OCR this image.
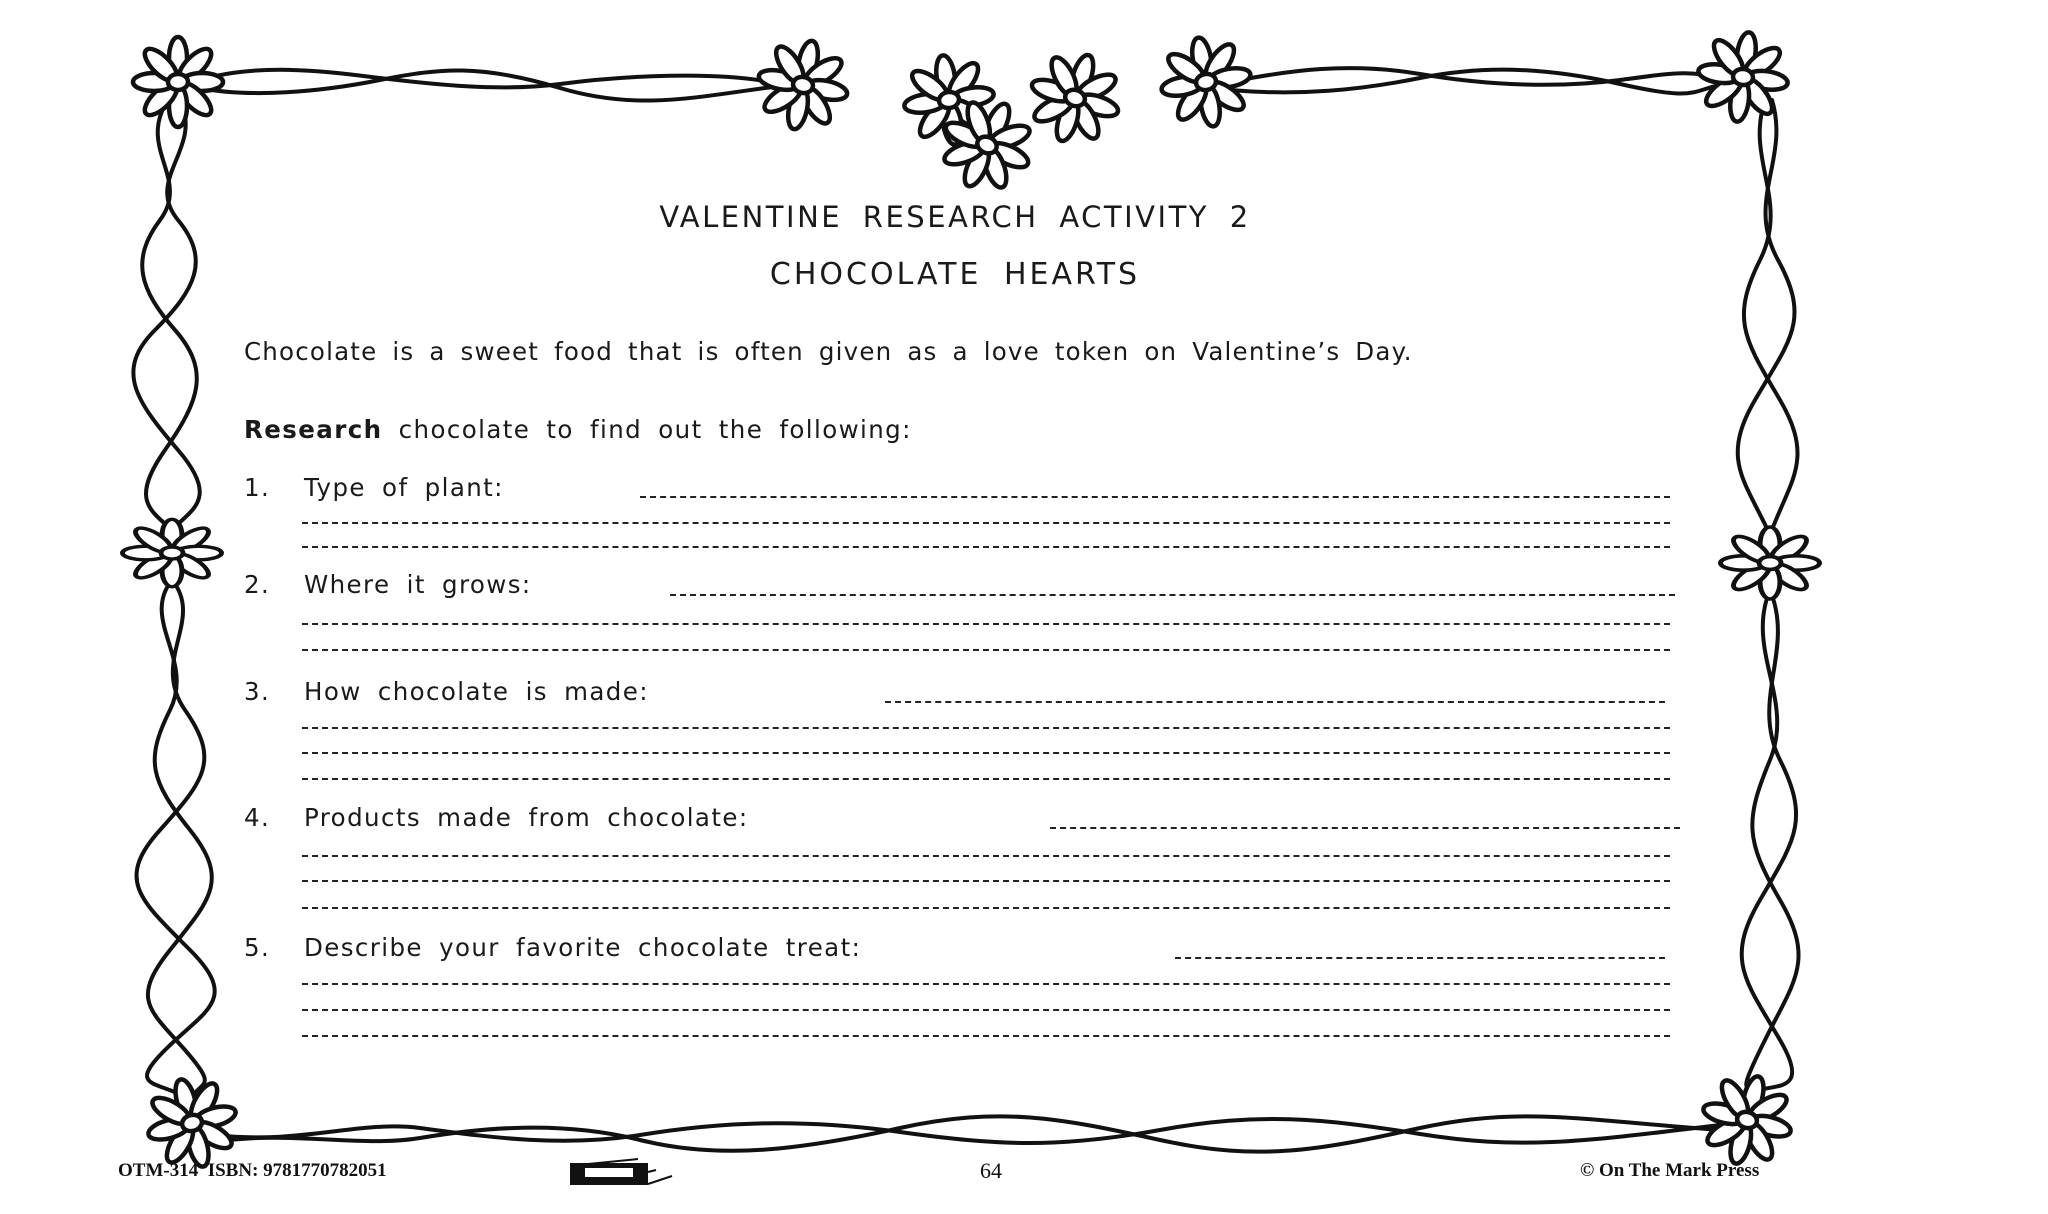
VALENTINE RESEARCH ACTIVITY 2
CHOCOLATE HEARTS
Chocolate is a sweet food that is often given as a love token on Valentine’s Day.
Research chocolate to find out the following:
1. Type of plant:
2. Where it grows:
3. How chocolate is made:
4. Products made from chocolate:
5. Describe your favorite chocolate treat:
OTM-314 ISBN: 9781770782051	64	© On The Mark Press
